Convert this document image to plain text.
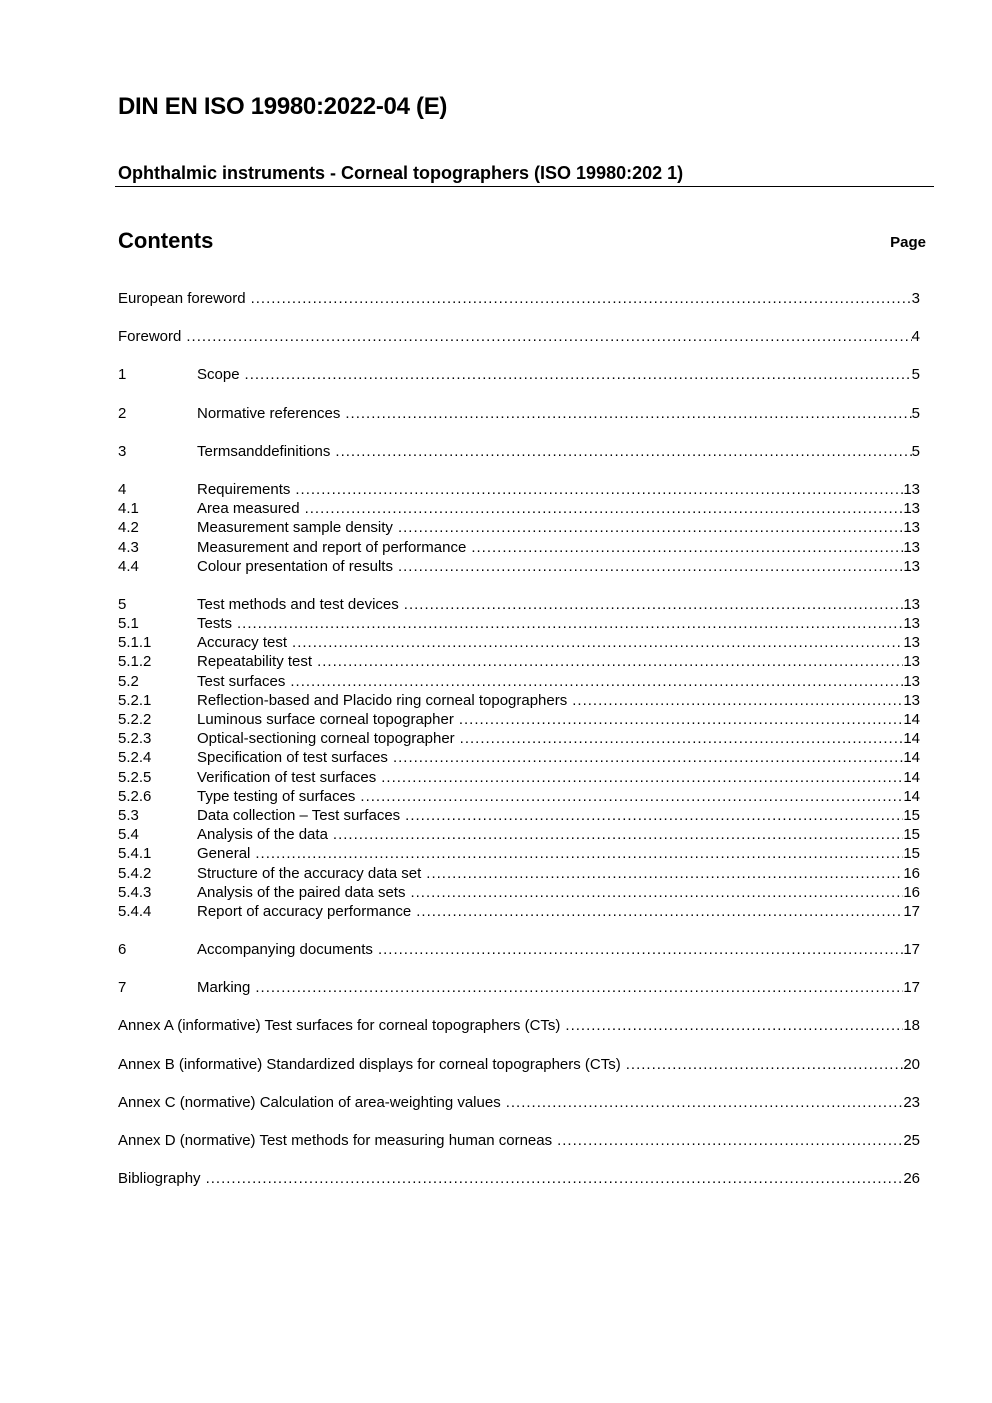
DIN EN ISO 19980:2022-04 (E)
Ophthalmic instruments - Corneal topographers (ISO 19980:202 1)
Contents	Page
European foreword .....	3
Foreword .....	4
1	Scope .....	5
2	Normative references .....	5
3	Termsanddefinitions .....	5
4	Requirements .....	13
4.1	Area measured .....	13
4.2	Measurement sample density .....	13
4.3	Measurement and report of performance .....	13
4.4	Colour presentation of results .....	13
5	Test methods and test devices .....	13
5.1	Tests .....	13
5.1.1	Accuracy test .....	13
5.1.2	Repeatability test .....	13
5.2	Test surfaces .....	13
5.2.1	Reflection-based and Placido ring corneal topographers .....	13
5.2.2	Luminous surface corneal topographer .....	14
5.2.3	Optical-sectioning corneal topographer .....	14
5.2.4	Specification of test surfaces .....	14
5.2.5	Verification of test surfaces .....	14
5.2.6	Type testing of surfaces .....	14
5.3	Data collection – Test surfaces .....	15
5.4	Analysis of the data .....	15
5.4.1	General .....	15
5.4.2	Structure of the accuracy data set .....	16
5.4.3	Analysis of the paired data sets .....	16
5.4.4	Report of accuracy performance .....	17
6	Accompanying documents .....	17
7	Marking .....	17
Annex A (informative) Test surfaces for corneal topographers (CTs) .....	18
Annex B (informative) Standardized displays for corneal topographers (CTs) .....	20
Annex C (normative) Calculation of area-weighting values .....	23
Annex D (normative) Test methods for measuring human corneas .....	25
Bibliography .....	26
